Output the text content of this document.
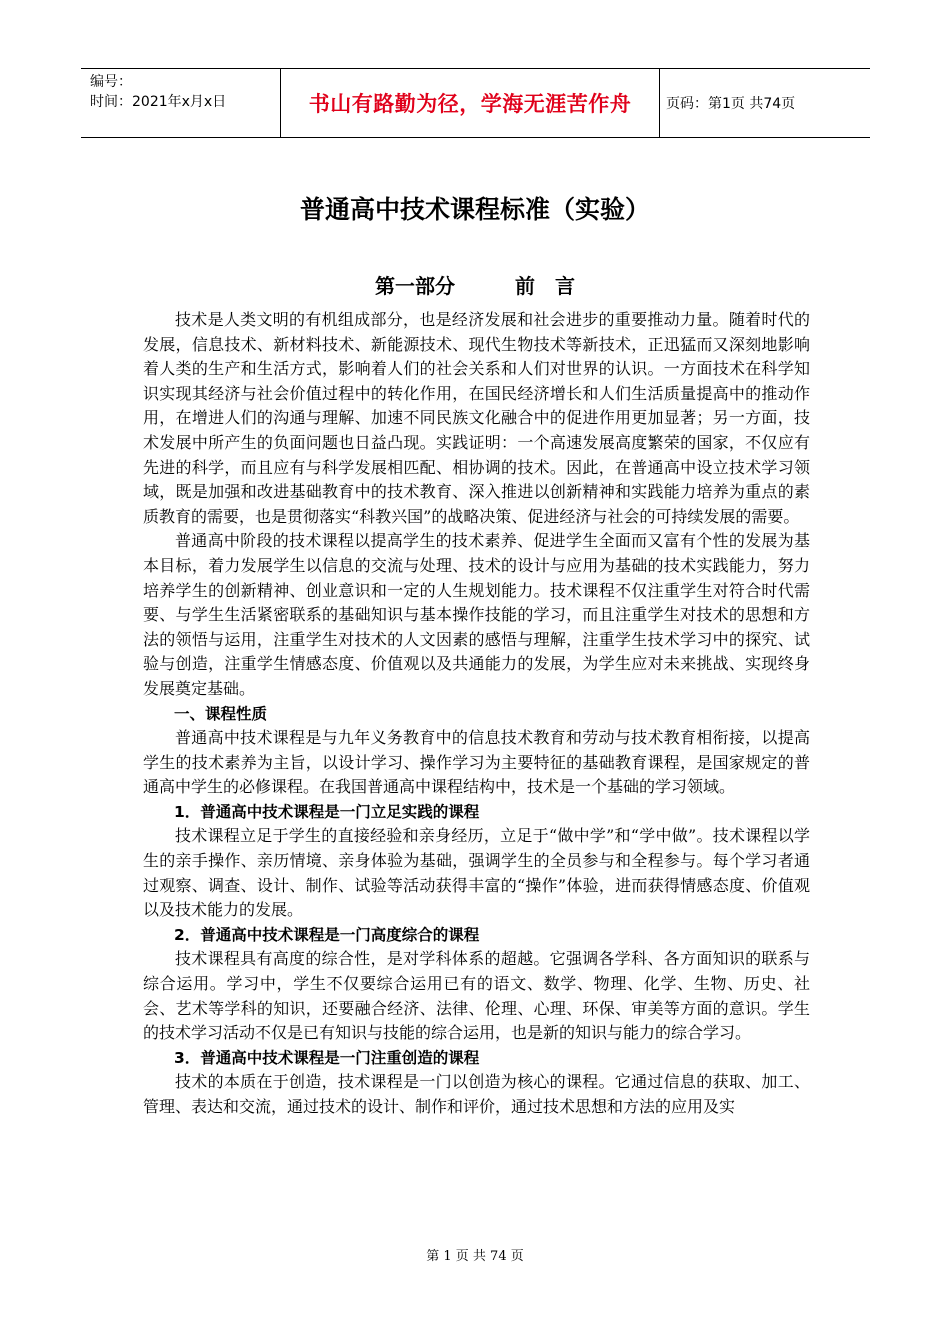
编号：
时间：2021年x月x日	书山有路勤为径，学海无涯苦作舟	页码：第1页 共74页
普通高中技术课程标准（实验）
第一部分	前　言

技术是人类文明的有机组成部分，也是经济发展和社会进步的重要推动力量。随着时代的发展，信息技术、新材料技术、新能源技术、现代生物技术等新技术，正迅猛而又深刻地影响着人类的生产和生活方式，影响着人们的社会关系和人们对世界的认识。一方面技术在科学知识实现其经济与社会价值过程中的转化作用，在国民经济增长和人们生活质量提高中的推动作用，在增进人们的沟通与理解、加速不同民族文化融合中的促进作用更加显著；另一方面，技术发展中所产生的负面问题也日益凸现。实践证明：一个高速发展高度繁荣的国家，不仅应有先进的科学，而且应有与科学发展相匹配、相协调的技术。因此，在普通高中设立技术学习领域，既是加强和改进基础教育中的技术教育、深入推进以创新精神和实践能力培养为重点的素质教育的需要，也是贯彻落实“科教兴国”的战略决策、促进经济与社会的可持续发展的需要。

普通高中阶段的技术课程以提高学生的技术素养、促进学生全面而又富有个性的发展为基本目标，着力发展学生以信息的交流与处理、技术的设计与应用为基础的技术实践能力，努力培养学生的创新精神、创业意识和一定的人生规划能力。技术课程不仅注重学生对符合时代需要、与学生生活紧密联系的基础知识与基本操作技能的学习，而且注重学生对技术的思想和方法的领悟与运用，注重学生对技术的人文因素的感悟与理解，注重学生技术学习中的探究、试验与创造，注重学生情感态度、价值观以及共通能力的发展，为学生应对未来挑战、实现终身发展奠定基础。

一、课程性质

普通高中技术课程是与九年义务教育中的信息技术教育和劳动与技术教育相衔接，以提高学生的技术素养为主旨，以设计学习、操作学习为主要特征的基础教育课程，是国家规定的普通高中学生的必修课程。在我国普通高中课程结构中，技术是一个基础的学习领域。

1．普通高中技术课程是一门立足实践的课程

技术课程立足于学生的直接经验和亲身经历，立足于“做中学”和“学中做”。技术课程以学生的亲手操作、亲历情境、亲身体验为基础，强调学生的全员参与和全程参与。每个学习者通过观察、调查、设计、制作、试验等活动获得丰富的“操作”体验，进而获得情感态度、价值观以及技术能力的发展。

2．普通高中技术课程是一门高度综合的课程

技术课程具有高度的综合性，是对学科体系的超越。它强调各学科、各方面知识的联系与综合运用。学习中，学生不仅要综合运用已有的语文、数学、物理、化学、生物、历史、社会、艺术等学科的知识，还要融合经济、法律、伦理、心理、环保、审美等方面的意识。学生的技术学习活动不仅是已有知识与技能的综合运用，也是新的知识与能力的综合学习。

3．普通高中技术课程是一门注重创造的课程

技术的本质在于创造，技术课程是一门以创造为核心的课程。它通过信息的获取、加工、管理、表达和交流，通过技术的设计、制作和评价，通过技术思想和方法的应用及实

第 1 页 共 74 页
